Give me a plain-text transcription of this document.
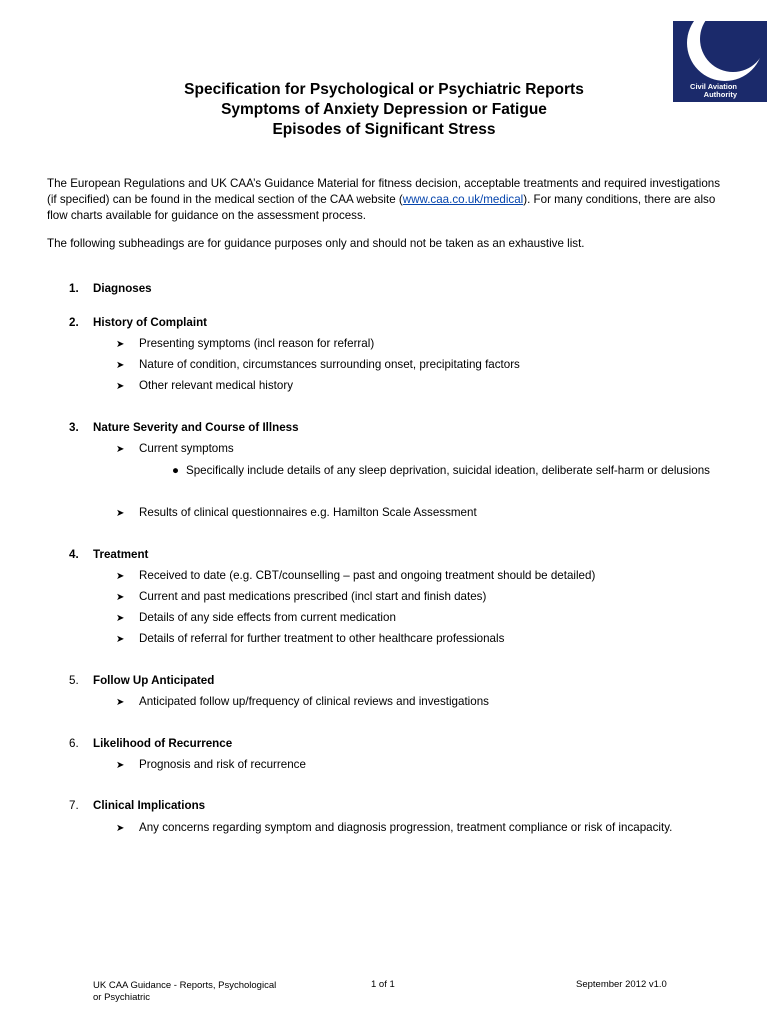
Civil Aviation
Authority
Specification for Psychological or Psychiatric Reports
Symptoms of Anxiety Depression or Fatigue
Episodes of Significant Stress
The European Regulations and UK CAA’s Guidance Material for fitness decision, acceptable treatments and required investigations (if specified) can be found in the medical section of the CAA website (www.caa.co.uk/medical). For many conditions, there are also flow charts available for guidance on the assessment process.
The following subheadings are for guidance purposes only and should not be taken as an exhaustive list.
1. Diagnoses
2. History of Complaint
➤ Presenting symptoms (incl reason for referral)
➤ Nature of condition, circumstances surrounding onset, precipitating factors
➤ Other relevant medical history
3. Nature Severity and Course of Illness
➤ Current symptoms
● Specifically include details of any sleep deprivation, suicidal ideation, deliberate self-harm or delusions
➤ Results of clinical questionnaires e.g. Hamilton Scale Assessment
4. Treatment
➤ Received to date (e.g. CBT/counselling – past and ongoing treatment should be detailed)
➤ Current and past medications prescribed (incl start and finish dates)
➤ Details of any side effects from current medication
➤ Details of referral for further treatment to other healthcare professionals
5. Follow Up Anticipated
➤ Anticipated follow up/frequency of clinical reviews and investigations
6. Likelihood of Recurrence
➤ Prognosis and risk of recurrence
7. Clinical Implications
➤ Any concerns regarding symptom and diagnosis progression, treatment compliance or risk of incapacity.
UK CAA Guidance - Reports, Psychological
or Psychiatric
1 of 1	September 2012 v1.0
